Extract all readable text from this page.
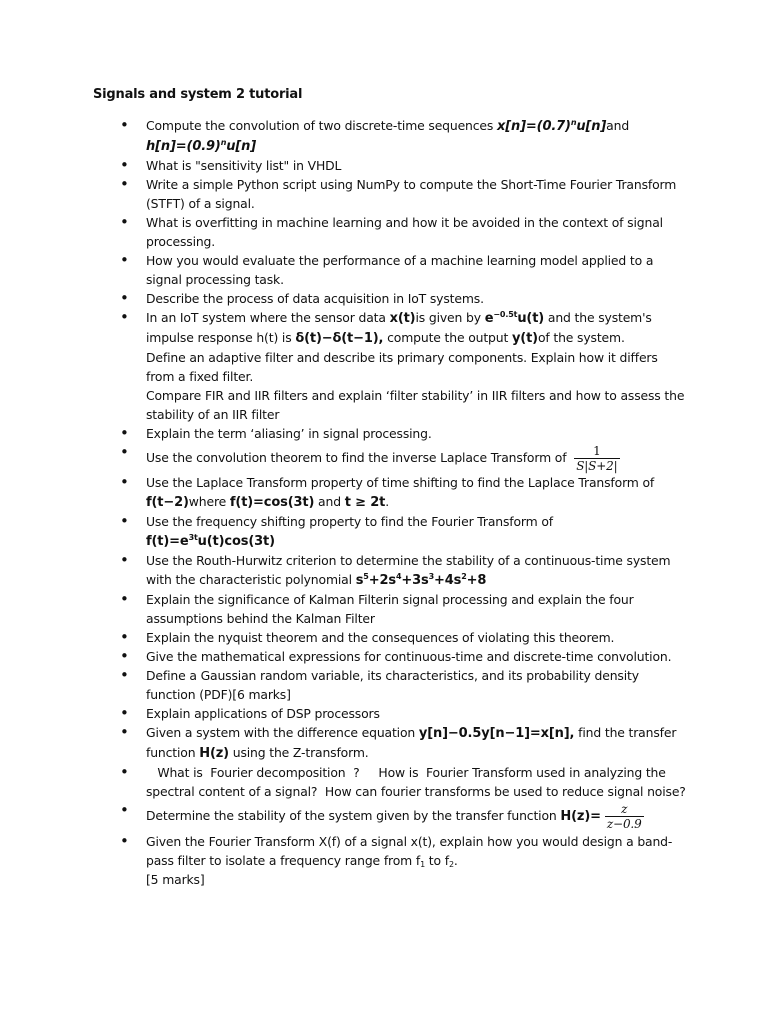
Signals and system 2 tutorial
• Compute the convolution of two discrete-time sequences $x[n]=(0.7)^nu[n]and$
$h[n]=(0.9)^nu[n]$
• What is "sensitivity list" in VHDL
• Write a simple Python script using NumPy to compute the Short-Time Fourier Transform (STFT) of a signal.
• What is overfitting in machine learning and how it be avoided in the context of signal processing.
• How you would evaluate the performance of a machine learning model applied to a signal processing task.
• Describe the process of data acquisition in IoT systems.
• In an IoT system where the sensor data x(t)is given by $e^{-0.5t}u(t)$ and the system's impulse response h(t) is δ(t)−δ(t−1), compute the output y(t)of the system.
Define an adaptive filter and describe its primary components. Explain how it differs from a fixed filter.
Compare FIR and IIR filters and explain ‘filter stability’ in IIR filters and how to assess the stability of an IIR filter
• Explain the term ‘aliasing’ in signal processing.
• Use the convolution theorem to find the inverse Laplace Transform of $\frac{1}{S|S+2|}$
• Use the Laplace Transform property of time shifting to find the Laplace Transform of f(t−2)where f(t)=cos(3t) and t ≥ 2t.
• Use the frequency shifting property to find the Fourier Transform of
$f(t)=e^{3t}u(t)\cos(3t)$
• Use the Routh-Hurwitz criterion to determine the stability of a continuous-time system with the characteristic polynomial $s^5+2s^4+3s^3+4s^2+8$
• Explain the significance of Kalman Filterin signal processing and explain the four assumptions behind the Kalman Filter
• Explain the nyquist theorem and the consequences of violating this theorem.
• Give the mathematical expressions for continuous-time and discrete-time convolution.
• Define a Gaussian random variable, its characteristics, and its probability density function (PDF)[6 marks]
• Explain applications of DSP processors
• Given a system with the difference equation y[n]−0.5y[n−1]=x[n], find the transfer function H(z) using the Z-transform.
•    What is  Fourier decomposition  ?     How is  Fourier Transform used in analyzing the spectral content of a signal?  How can fourier transforms be used to reduce signal noise?
• Determine the stability of the system given by the transfer function $H(z)= \frac{z}{z-0.9}$
• Given the Fourier Transform X(f) of a signal x(t), explain how you would design a band-pass filter to isolate a frequency range from $f_1$ to $f_2$.
[5 marks]
